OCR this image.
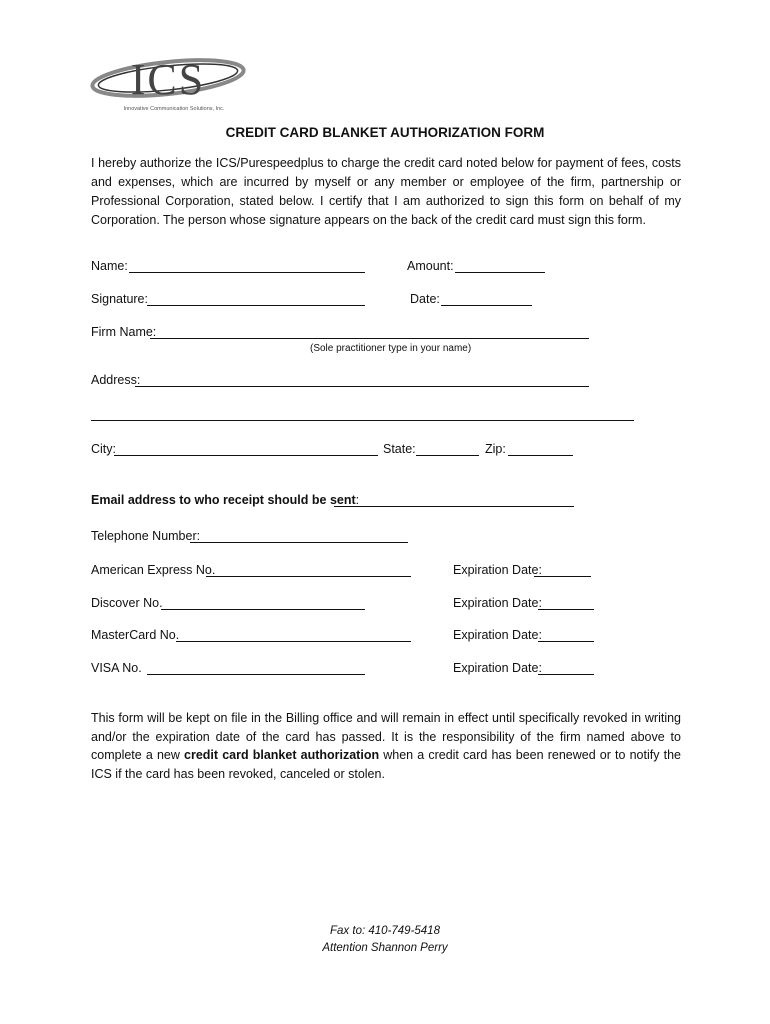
ICS
Innovative Communication Solutions, Inc.
CREDIT CARD BLANKET AUTHORIZATION FORM
I hereby authorize the ICS/Purespeedplus to charge the credit card noted below for payment of fees, costs and expenses, which are incurred by myself or any member or employee of the firm, partnership or Professional Corporation, stated below. I certify that I am authorized to sign this form on behalf of my Corporation. The person whose signature appears on the back of the credit card must sign this form.
Name:	Amount:
Signature:	Date:
Firm Name:
(Sole practitioner type in your name)
Address:
City:	State:	Zip:
Email address to who receipt should be sent:
Telephone Number:
American Express No.	Expiration Date:
Discover No.	Expiration Date:
MasterCard No.	Expiration Date:
VISA No.	Expiration Date:
This form will be kept on file in the Billing office and will remain in effect until specifically revoked in writing and/or the expiration date of the card has passed. It is the responsibility of the firm named above to complete a new credit card blanket authorization when a credit card has been renewed or to notify the ICS if the card has been revoked, canceled or stolen.
Fax to: 410-749-5418
Attention Shannon Perry
